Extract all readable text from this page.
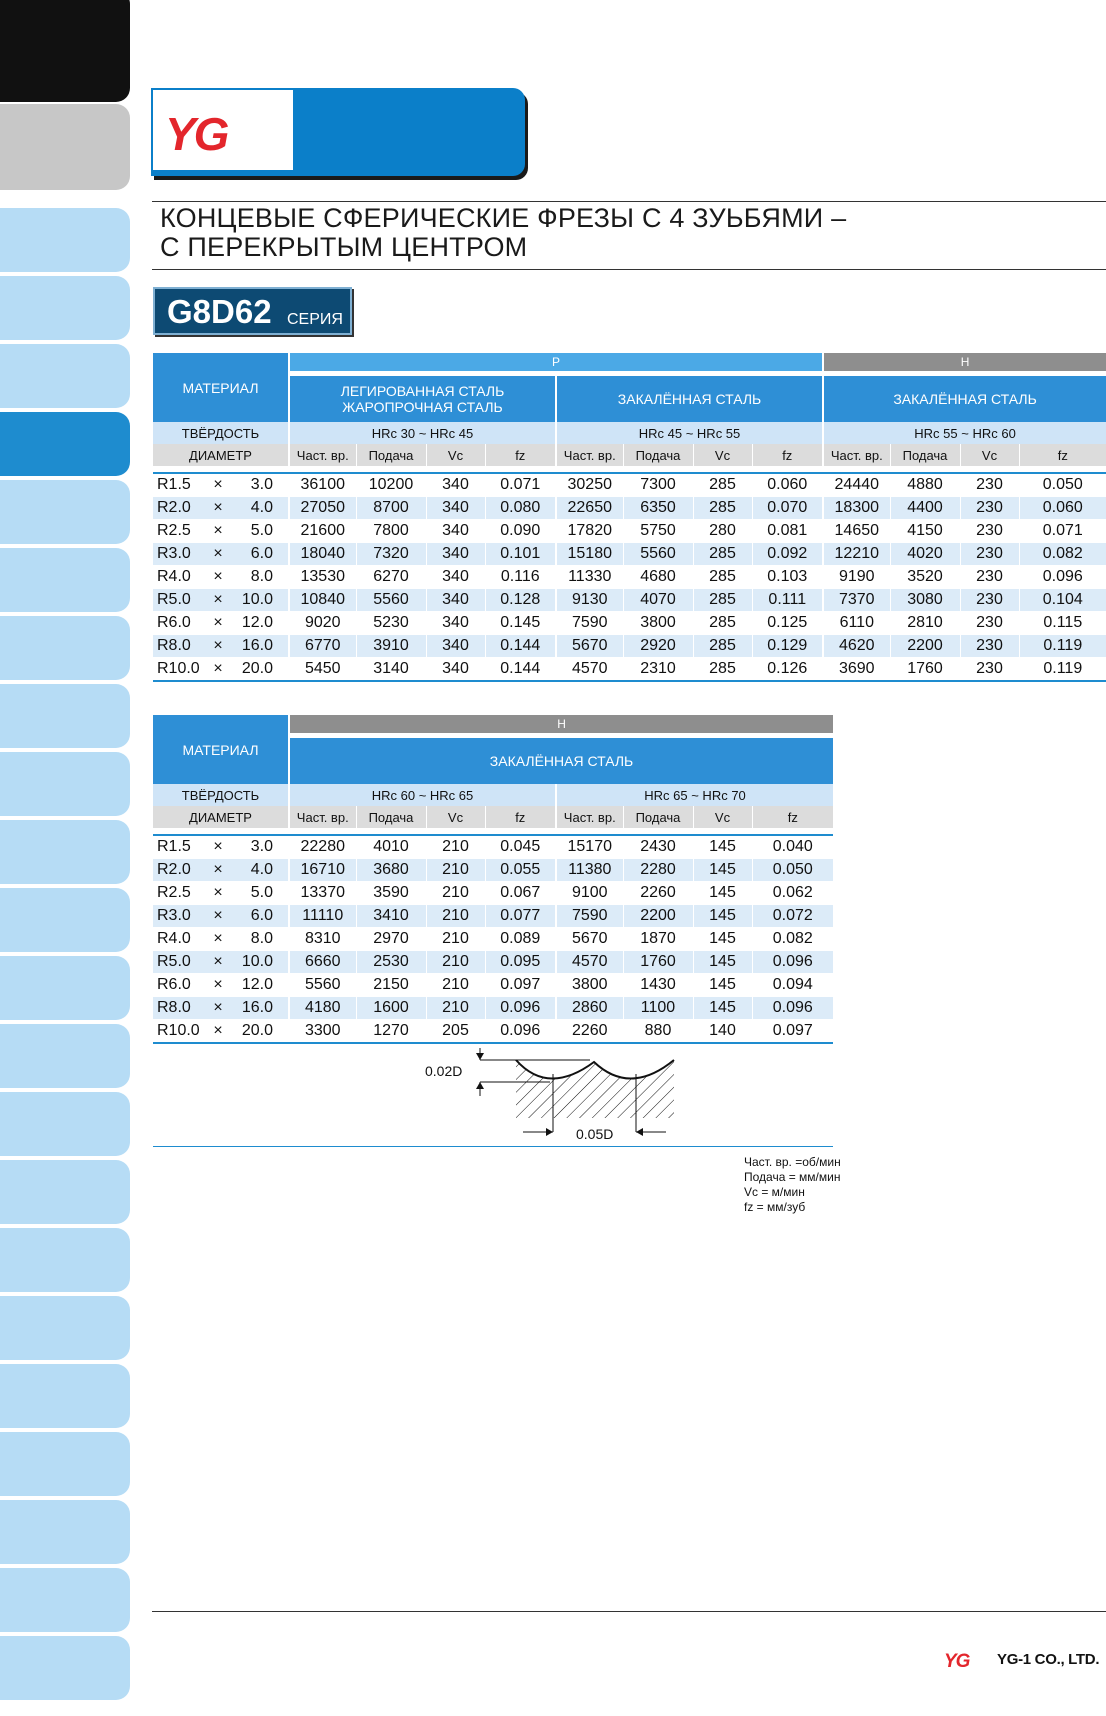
YG
КОНЦЕВЫЕ СФЕРИЧЕСКИЕ ФРЕЗЫ С 4 ЗУЬБЯМИ –
С ПЕРЕКРЫТЫМ ЦЕНТРОМ
G8D62 СЕРИЯ
МАТЕРИАЛ	P								H			

	ЛЕГИРОВАННАЯ СТАЛЬ
ЖАРОПРОЧНАЯ СТАЛЬ				ЗАКАЛЁННАЯ СТАЛЬ				ЗАКАЛЁННАЯ СТАЛЬ			

ТВЁРДОСТЬ	HRc 30 ~ HRc 45				HRc 45 ~ HRc 55				HRc 55 ~ HRc 60			
ДИАМЕТР	Част. вр.	Подача	Vc	fz	Част. вр.	Подача	Vc	fz	Част. вр.	Подача	Vc	fz

R1.5 × 3.0	36100	10200	340	0.071	30250	7300	285	0.060	24440	4880	230	0.050
R2.0 × 4.0	27050	8700	340	0.080	22650	6350	285	0.070	18300	4400	230	0.060
R2.5 × 5.0	21600	7800	340	0.090	17820	5750	280	0.081	14650	4150	230	0.071
R3.0 × 6.0	18040	7320	340	0.101	15180	5560	285	0.092	12210	4020	230	0.082
R4.0 × 8.0	13530	6270	340	0.116	11330	4680	285	0.103	9190	3520	230	0.096
R5.0 × 10.0	10840	5560	340	0.128	9130	4070	285	0.111	7370	3080	230	0.104
R6.0 × 12.0	9020	5230	340	0.145	7590	3800	285	0.125	6110	2810	230	0.115
R8.0 × 16.0	6770	3910	340	0.144	5670	2920	285	0.129	4620	2200	230	0.119
R10.0 × 20.0	5450	3140	340	0.144	4570	2310	285	0.126	3690	1760	230	0.119
МАТЕРИАЛ	H							

	ЗАКАЛЁННАЯ СТАЛЬ							

ТВЁРДОСТЬ	HRc 60 ~ HRc 65				HRc 65 ~ HRc 70			
ДИАМЕТР	Част. вр.	Подача	Vc	fz	Част. вр.	Подача	Vc	fz

R1.5 × 3.0	22280	4010	210	0.045	15170	2430	145	0.040
R2.0 × 4.0	16710	3680	210	0.055	11380	2280	145	0.050
R2.5 × 5.0	13370	3590	210	0.067	9100	2260	145	0.062
R3.0 × 6.0	11110	3410	210	0.077	7590	2200	145	0.072
R4.0 × 8.0	8310	2970	210	0.089	5670	1870	145	0.082
R5.0 × 10.0	6660	2530	210	0.095	4570	1760	145	0.096
R6.0 × 12.0	5560	2150	210	0.097	3800	1430	145	0.094
R8.0 × 16.0	4180	1600	210	0.096	2860	1100	145	0.096
R10.0 × 20.0	3300	1270	205	0.096	2260	880	140	0.097
0.02D
0.05D
Част. вр. =об/мин
Подача = мм/мин
Vc = м/мин
fz = мм/зуб
YG YG-1 CO., LTD.
